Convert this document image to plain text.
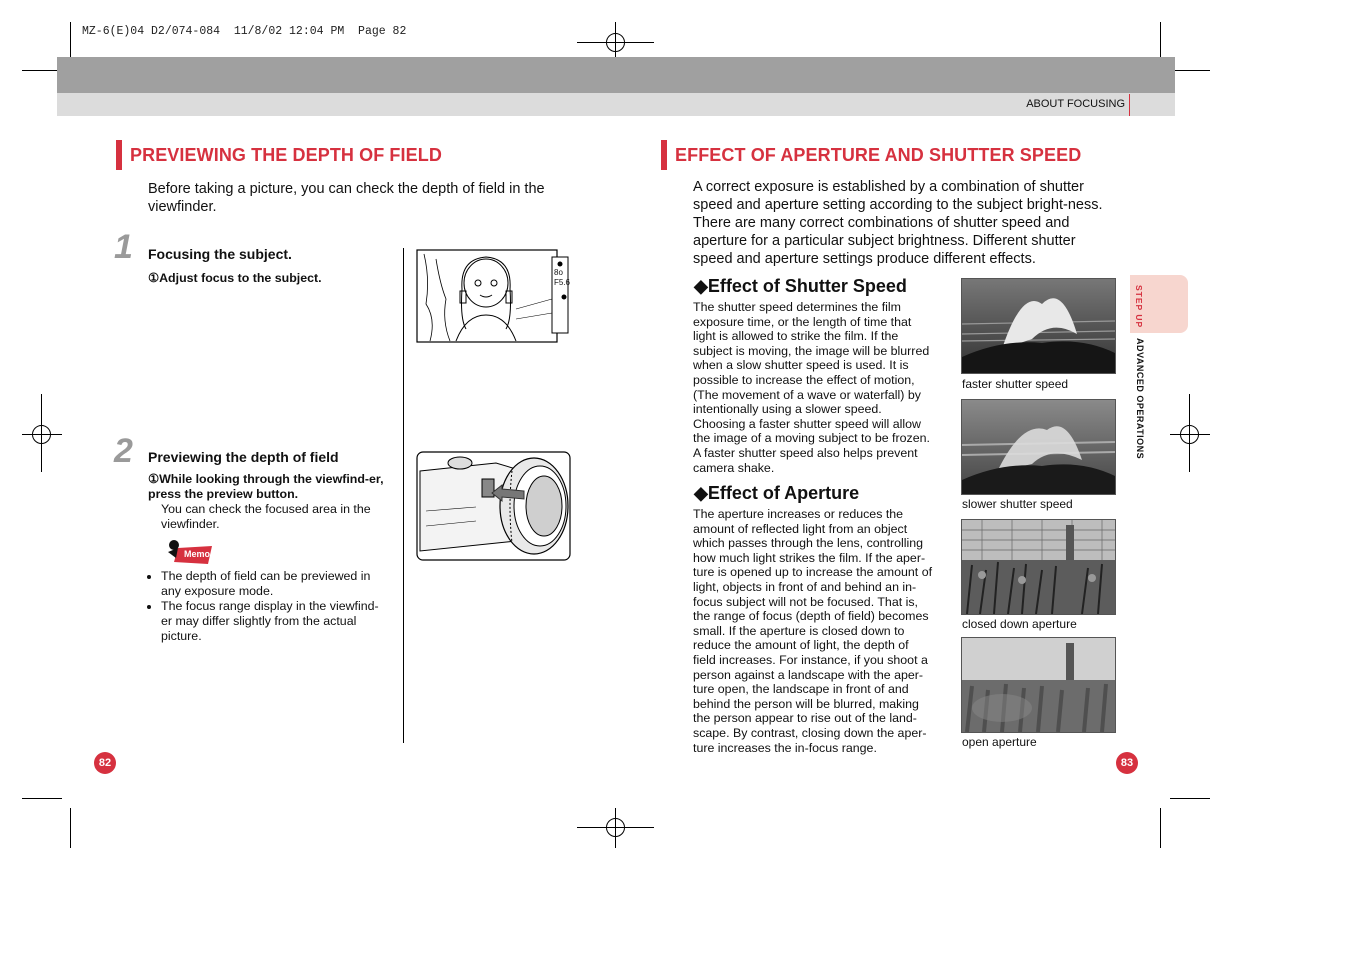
MZ-6(E)04 D2/074-084  11/8/02 12:04 PM  Page 82
ABOUT FOCUSING
PREVIEWING THE DEPTH OF FIELD
Before taking a picture, you can check the depth of field in the viewfinder.
1 Focusing the subject.
①Adjust focus to the subject.
2 Previewing the depth of field
①While looking through the viewfind-er, press the preview button.
You can check the focused area in the viewfinder.
Memo
• The depth of field can be previewed in any exposure mode.
• The focus range display in the viewfind-er may differ slightly from the actual picture.
8o
F5.6
82
EFFECT OF APERTURE AND SHUTTER SPEED
A correct exposure is established by a combination of shutter speed and aperture setting according to the subject bright-ness. There are many correct combinations of shutter speed and aperture for a particular subject brightness. Different shutter speed and aperture settings produce different effects.
◆Effect of Shutter Speed
The shutter speed determines the film exposure time, or the length of time that light is allowed to strike the film. If the subject is moving, the image will be blurred when a slow shutter speed is used. It is possible to increase the effect of motion, (The movement of a wave or waterfall) by intentionally using a slower speed. Choosing a faster shutter speed will allow the image of a moving subject to be frozen. A faster shutter speed also helps prevent camera shake.
◆Effect of Aperture
The aperture increases or reduces the amount of reflected light from an object which passes through the lens, controlling how much light strikes the film. If the aper-ture is opened up to increase the amount of light, objects in front of and behind an in-focus subject will not be focused. That is, the range of focus (depth of field) becomes small. If the aperture is closed down to reduce the amount of light, the depth of field increases. For instance, if you shoot a person against a landscape with the aper-ture open, the landscape in front of and behind the person will be blurred, making the person appear to rise out of the land-scape. By contrast, closing down the aper-ture increases the in-focus range.
faster shutter speed
slower shutter speed
closed down aperture
open aperture
STEP UP
ADVANCED OPERATIONS
83
